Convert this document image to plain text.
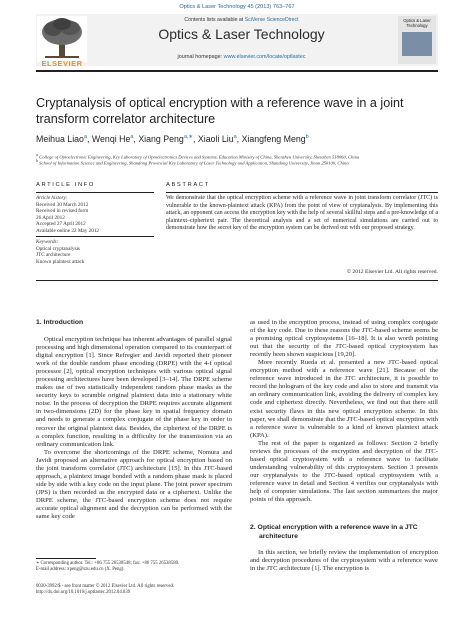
Optics & Laser Technology 45 (2013) 763–767
ELSEVIER
Contents lists available at SciVerse ScienceDirect
Optics & Laser Technology
journal homepage: www.elsevier.com/locate/optlastec
Optics & Laser Technology
Cryptanalysis of optical encryption with a reference wave in a joint
transform correlator architecture
Meihua Liao$^a$, Wenqi He$^a$, Xiang Peng$^{a,∗}$, Xiaoli Liu$^a$, Xiangfeng Meng$^b$
$^a$ College of Optoelectronic Engineering, Key Laboratory of Optoelectronics Devices and Systems, Education Ministry of China, Shenzhen University, Shenzhen 518060, China
$^b$ School of Information Science and Engineering, Shandong Provincial Key Laboratory of Laser Technology and Application, Shandong University, Jinan 250100, China
ARTICLE INFO
Article history:
Received 30 March 2012
Received in revised form
26 April 2012
Accepted 27 April 2012
Available online 22 May 2012
Keywords:
Optical cryptanalysis
JTC architecture
Known plaintext attack
ABSTRACT
We demonstrate that the optical encryption scheme with a reference wave in joint transform correlator (JTC) is vulnerable to the known-plaintext attack (KPA) from the point of view of cryptanalysis. By implementing this attack, an opponent can access the encryption key with the help of several skillful steps and a pre-knowledge of a plaintext–ciphertext pair. The theoretical analysis and a set of numerical simulations are carried out to demonstrate how the secret key of the encryption system can be derived out with our proposed strategy.
© 2012 Elsevier Ltd. All rights reserved.
1. Introduction
Optical encryption technique has inherent advantages of parallel signal processing and high dimensional operation compared to its counterpart of digital encryption [1]. Since Refregier and Javidi reported their pioneer work of the double random phase encoding (DRPE) with the 4-f optical processor [2], optical encryption techniques with various optical signal processing architectures have been developed [3–14]. The DRPE scheme makes use of two statistically independent random phase masks as the security keys to scramble original plaintext data into a stationary white noise. In the process of decryption the DRPE requires accurate alignment in two-dimensions (2D) for the phase key in spatial frequency domain and needs to generate a complex conjugate of the phase key in order to recover the original plaintext data. Besides, the ciphertext of the DRPE is a complex function, resulting in a difficulty for the transmission via an ordinary communication link.
To overcome the shortcomings of the DRPE scheme, Nomura and Javidi proposed an alternative approach for optical encryption based on the joint transform correlator (JTC) architecture [15]. In this JTC-based approach, a plaintext image bonded with a random phase mask is placed side by side with a key code on the input plane. The joint power spectrum (JPS) is then recorded as the encrypted data or a ciphertext. Unlike the DRPE scheme, the JTC-based encryption scheme does not require accurate optical alignment and the decryption can be performed with the same key code
∗ Corresponding author. Tel.: +86 755 26538548; fax: +86 755 26538580.
E-mail address: xpeng@szu.edu.cn (X. Peng).
0030-3992/$ - see front matter © 2012 Elsevier Ltd. All rights reserved.
http://dx.doi.org/10.1016/j.optlastec.2012.04.039
as used in the encryption process, instead of using complex conjugate of the key code. Due to these reasons the JTC-based scheme seems be a promising optical cryptosystems [16–18]. It is also worth pointing out that the security of the JTC-based optical cryptosystem has recently been shown suspicious [19,20].
More recently Rueda et al. presented a new JTC-based optical encryption method with a reference wave [21]. Because of the reference wave introduced in the JTC architecture, it is possible to record the hologram of the key code and also to store and transmit via an ordinary communication link, avoiding the delivery of complex key code and ciphertext directly. Nevertheless, we find out that there still exist security flaws in this new optical encryption scheme. In this paper, we shall demonstrate that the JTC-based optical encryption with a reference wave is vulnerable to a kind of known plaintext attack (KPA).
The rest of the paper is organized as follows: Section 2 briefly reviews the processes of the encryption and decryption of the JTC-based optical cryptosystem with a reference wave to facilitate understanding vulnerability of this cryptosystem. Section 3 presents our cryptanalysis to the JTC-based optical cryptosystem with a reference wave in detail and Section 4 verifies our cryptanalysis with help of computer simulations. The last section summarizes the major points of this approach.
2. Optical encryption with a reference wave in a JTC
architecture
In this section, we briefly review the implementation of encryption and decryption procedures of the cryptosystem with a reference wave in the JTC architecture [1]. The encryption is
